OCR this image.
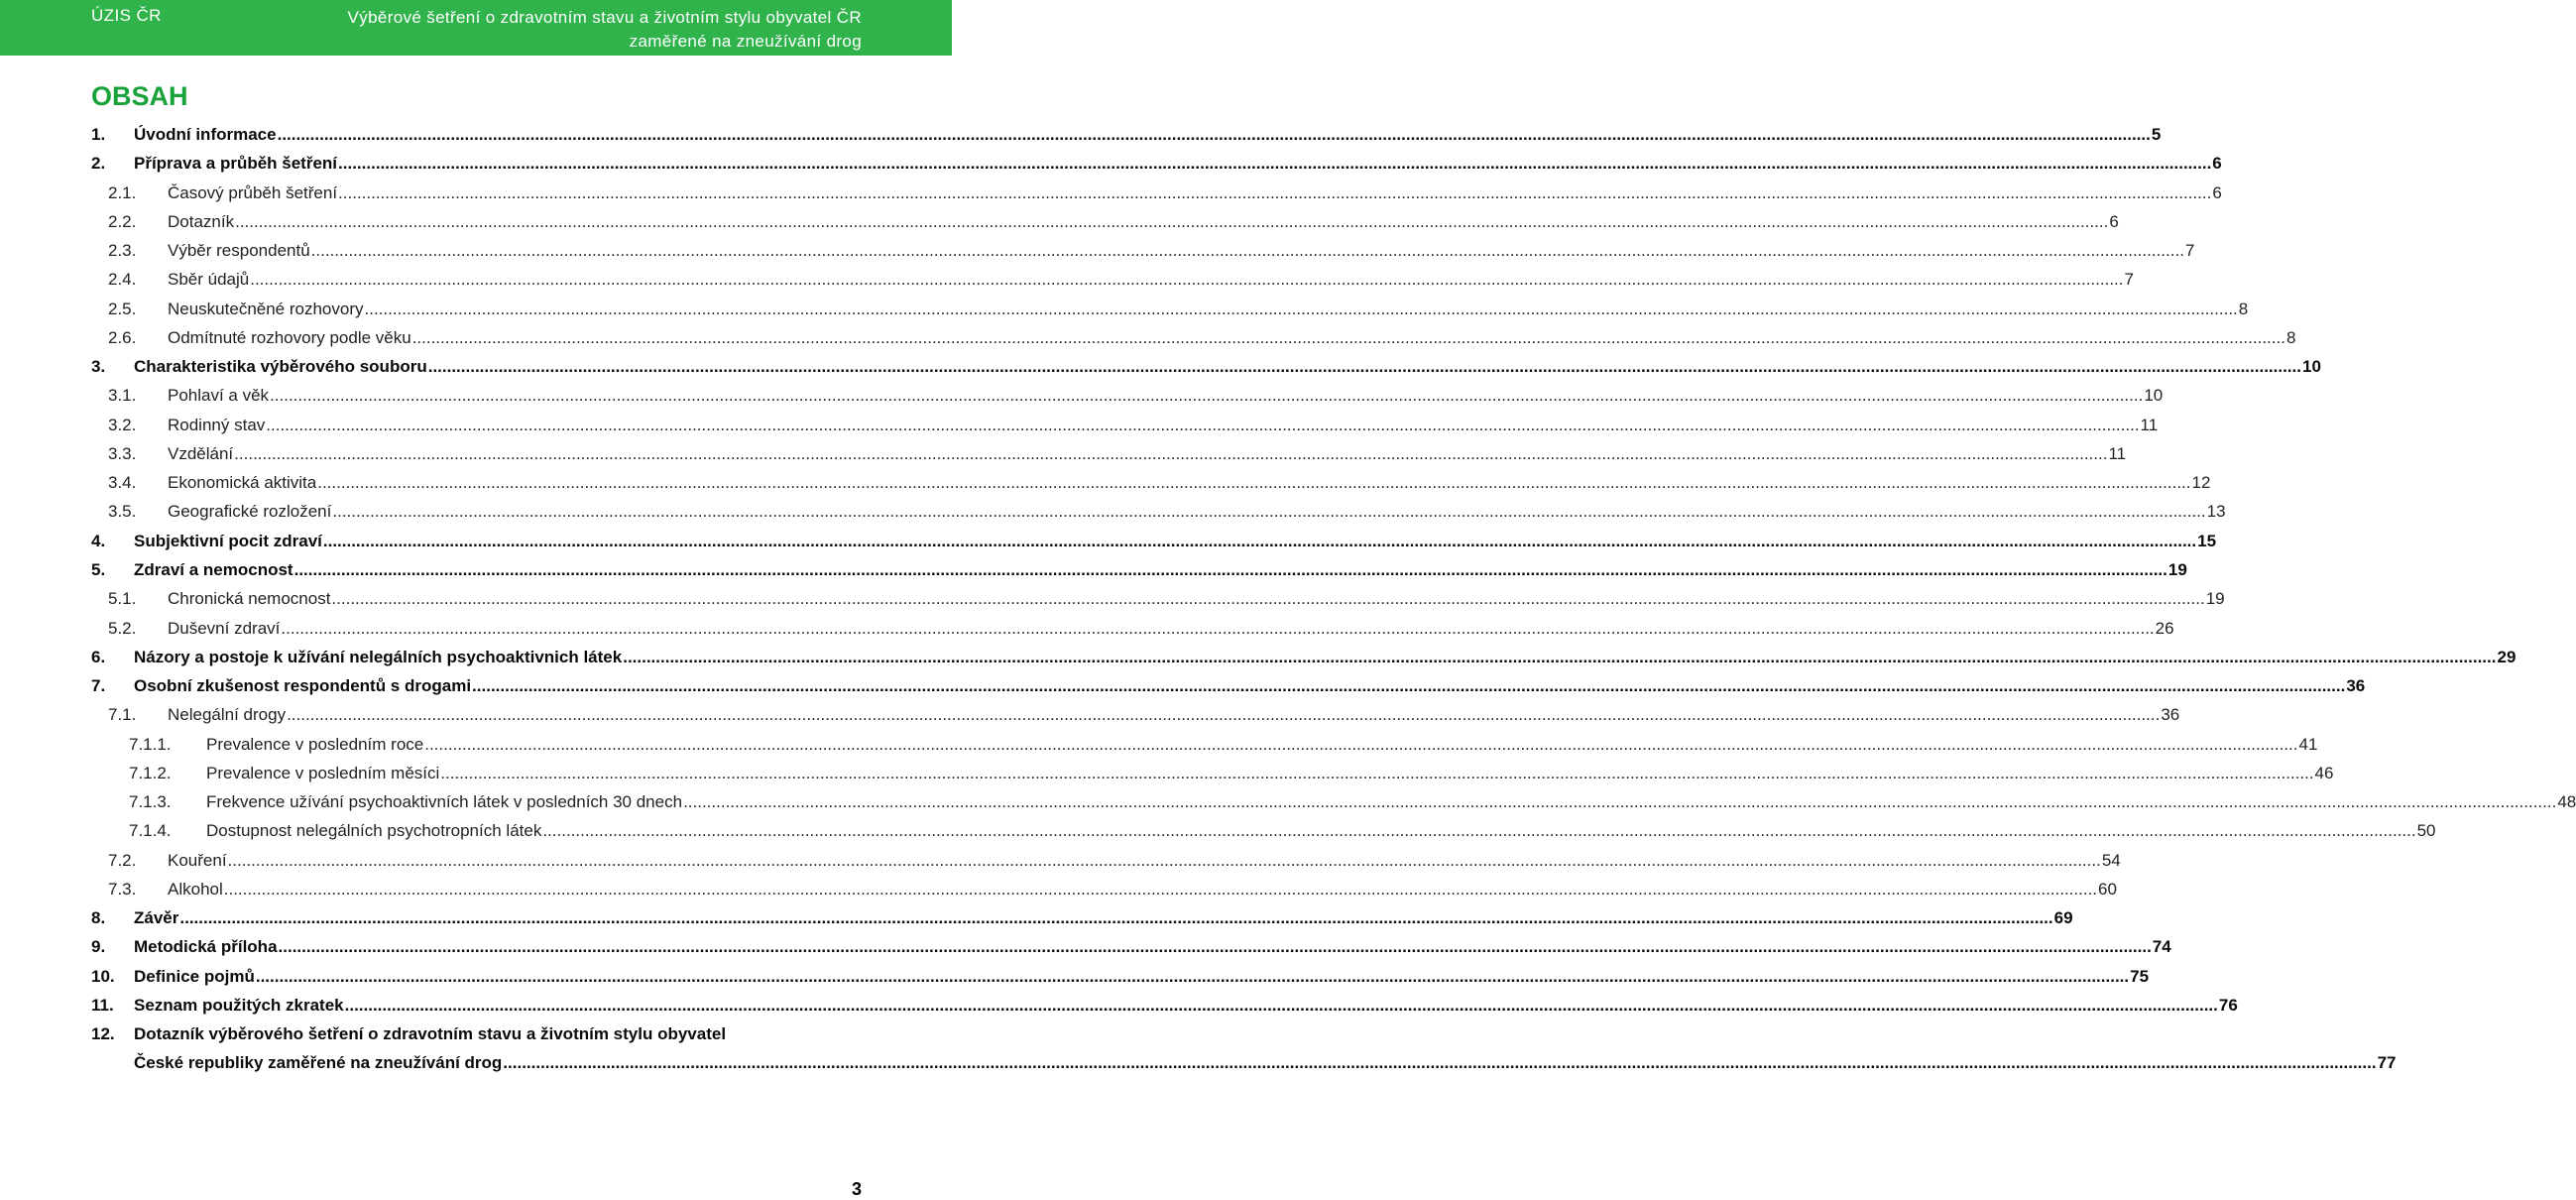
ÚZIS ČR	Výběrové šetření o zdravotním stavu a životním stylu obyvatel ČR
zaměřené na zneužívání drog
OBSAH
1.	Úvodní informace ................................................................................................................................................................................................................................................................................................................................................................................................................ 5
2.	Příprava a průběh šetření ................................................................................................................................................................................................................................................................................................................................................................................................................ 6
2.1.	Časový průběh šetření ................................................................................................................................................................................................................................................................................................................................................................................................................ 6
2.2.	Dotazník ................................................................................................................................................................................................................................................................................................................................................................................................................ 6
2.3.	Výběr respondentů ................................................................................................................................................................................................................................................................................................................................................................................................................ 7
2.4.	Sběr údajů ................................................................................................................................................................................................................................................................................................................................................................................................................ 7
2.5.	Neuskutečněné rozhovory ................................................................................................................................................................................................................................................................................................................................................................................................................ 8
2.6.	Odmítnuté rozhovory podle věku ................................................................................................................................................................................................................................................................................................................................................................................................................ 8
3.	Charakteristika výběrového souboru ................................................................................................................................................................................................................................................................................................................................................................................................................ 10
3.1.	Pohlaví a věk ................................................................................................................................................................................................................................................................................................................................................................................................................ 10
3.2.	Rodinný stav ................................................................................................................................................................................................................................................................................................................................................................................................................ 11
3.3.	Vzdělání ................................................................................................................................................................................................................................................................................................................................................................................................................ 11
3.4.	Ekonomická aktivita ................................................................................................................................................................................................................................................................................................................................................................................................................ 12
3.5.	Geografické rozložení ................................................................................................................................................................................................................................................................................................................................................................................................................ 13
4.	Subjektivní pocit zdraví ................................................................................................................................................................................................................................................................................................................................................................................................................ 15
5.	Zdraví a nemocnost ................................................................................................................................................................................................................................................................................................................................................................................................................ 19
5.1.	Chronická nemocnost ................................................................................................................................................................................................................................................................................................................................................................................................................ 19
5.2.	Duševní zdraví ................................................................................................................................................................................................................................................................................................................................................................................................................ 26
6.	Názory a postoje k užívání nelegálních psychoaktivnich látek ................................................................................................................................................................................................................................................................................................................................................................................................................ 29
7.	Osobní zkušenost respondentů s drogami ................................................................................................................................................................................................................................................................................................................................................................................................................ 36
7.1.	Nelegální drogy ................................................................................................................................................................................................................................................................................................................................................................................................................ 36
7.1.1.	Prevalence v posledním roce ................................................................................................................................................................................................................................................................................................................................................................................................................ 41
7.1.2.	Prevalence v posledním měsíci ................................................................................................................................................................................................................................................................................................................................................................................................................ 46
7.1.3.	Frekvence užívání psychoaktivních látek v posledních 30 dnech ................................................................................................................................................................................................................................................................................................................................................................................................................ 48
7.1.4.	Dostupnost nelegálních psychotropních látek ................................................................................................................................................................................................................................................................................................................................................................................................................ 50
7.2.	Kouření ................................................................................................................................................................................................................................................................................................................................................................................................................ 54
7.3.	Alkohol ................................................................................................................................................................................................................................................................................................................................................................................................................ 60
8.	Závěr ................................................................................................................................................................................................................................................................................................................................................................................................................ 69
9.	Metodická příloha ................................................................................................................................................................................................................................................................................................................................................................................................................ 74
10.	Definice pojmů ................................................................................................................................................................................................................................................................................................................................................................................................................ 75
11.	Seznam použitých zkratek ................................................................................................................................................................................................................................................................................................................................................................................................................ 76
12.	Dotazník výběrového šetření o zdravotním stavu a životním stylu obyvatel
České republiky zaměřené na zneužívání drog ................................................................................................................................................................................................................................................................................................................................................................................................................ 77
3
